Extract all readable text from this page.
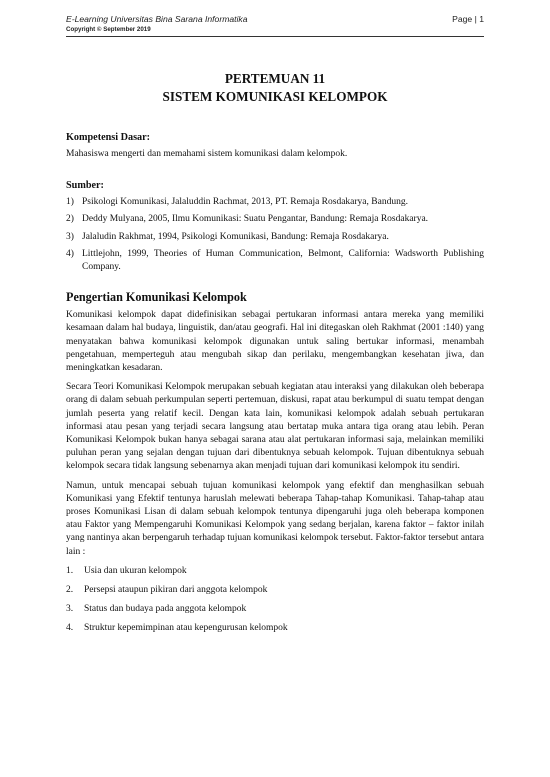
E-Learning Universitas Bina Sarana Informatika	Page | 1
Copyright © September 2019
PERTEMUAN 11
SISTEM KOMUNIKASI KELOMPOK
Kompetensi Dasar:

Mahasiswa mengerti dan memahami sistem komunikasi dalam kelompok.

Sumber:
1) Psikologi Komunikasi, Jalaluddin Rachmat, 2013, PT. Remaja Rosdakarya, Bandung.
2) Deddy Mulyana, 2005, Ilmu Komunikasi: Suatu Pengantar, Bandung: Remaja Rosdakarya.
3) Jalaludin Rakhmat, 1994, Psikologi Komunikasi, Bandung: Remaja Rosdakarya.
4) Littlejohn, 1999, Theories of Human Communication, Belmont, California: Wadsworth Publishing Company.
Pengertian Komunikasi Kelompok

Komunikasi kelompok dapat didefinisikan sebagai pertukaran informasi antara mereka yang memiliki kesamaan dalam hal budaya, linguistik, dan/atau geografi. Hal ini ditegaskan oleh Rakhmat (2001 :140) yang menyatakan bahwa komunikasi kelompok digunakan untuk saling bertukar informasi, menambah pengetahuan, memperteguh atau mengubah sikap dan perilaku, mengembangkan kesehatan jiwa, dan meningkatkan kesadaran.

Secara Teori Komunikasi Kelompok merupakan sebuah kegiatan atau interaksi yang dilakukan oleh beberapa orang di dalam sebuah perkumpulan seperti pertemuan, diskusi, rapat atau berkumpul di suatu tempat dengan jumlah peserta yang relatif kecil. Dengan kata lain, komunikasi kelompok adalah sebuah pertukaran informasi atau pesan yang terjadi secara langsung atau bertatap muka antara tiga orang atau lebih. Peran Komunikasi Kelompok bukan hanya sebagai sarana atau alat pertukaran informasi saja, melainkan memiliki puluhan peran yang sejalan dengan tujuan dari dibentuknya sebuah kelompok. Tujuan dibentuknya sebuah kelompok secara tidak langsung sebenarnya akan menjadi tujuan dari komunikasi kelompok itu sendiri.

Namun, untuk mencapai sebuah tujuan komunikasi kelompok yang efektif dan menghasilkan sebuah Komunikasi yang Efektif tentunya haruslah melewati beberapa Tahap-tahap Komunikasi. Tahap-tahap atau proses Komunikasi Lisan di dalam sebuah kelompok tentunya dipengaruhi juga oleh beberapa komponen atau Faktor yang Mempengaruhi Komunikasi Kelompok yang sedang berjalan, karena faktor – faktor inilah yang nantinya akan berpengaruh terhadap tujuan komunikasi kelompok tersebut. Faktor-faktor tersebut antara lain :

1.	Usia dan ukuran kelompok
2.	Persepsi ataupun pikiran dari anggota kelompok
3.	Status dan budaya pada anggota kelompok
4.	Struktur kepemimpinan atau kepengurusan kelompok
